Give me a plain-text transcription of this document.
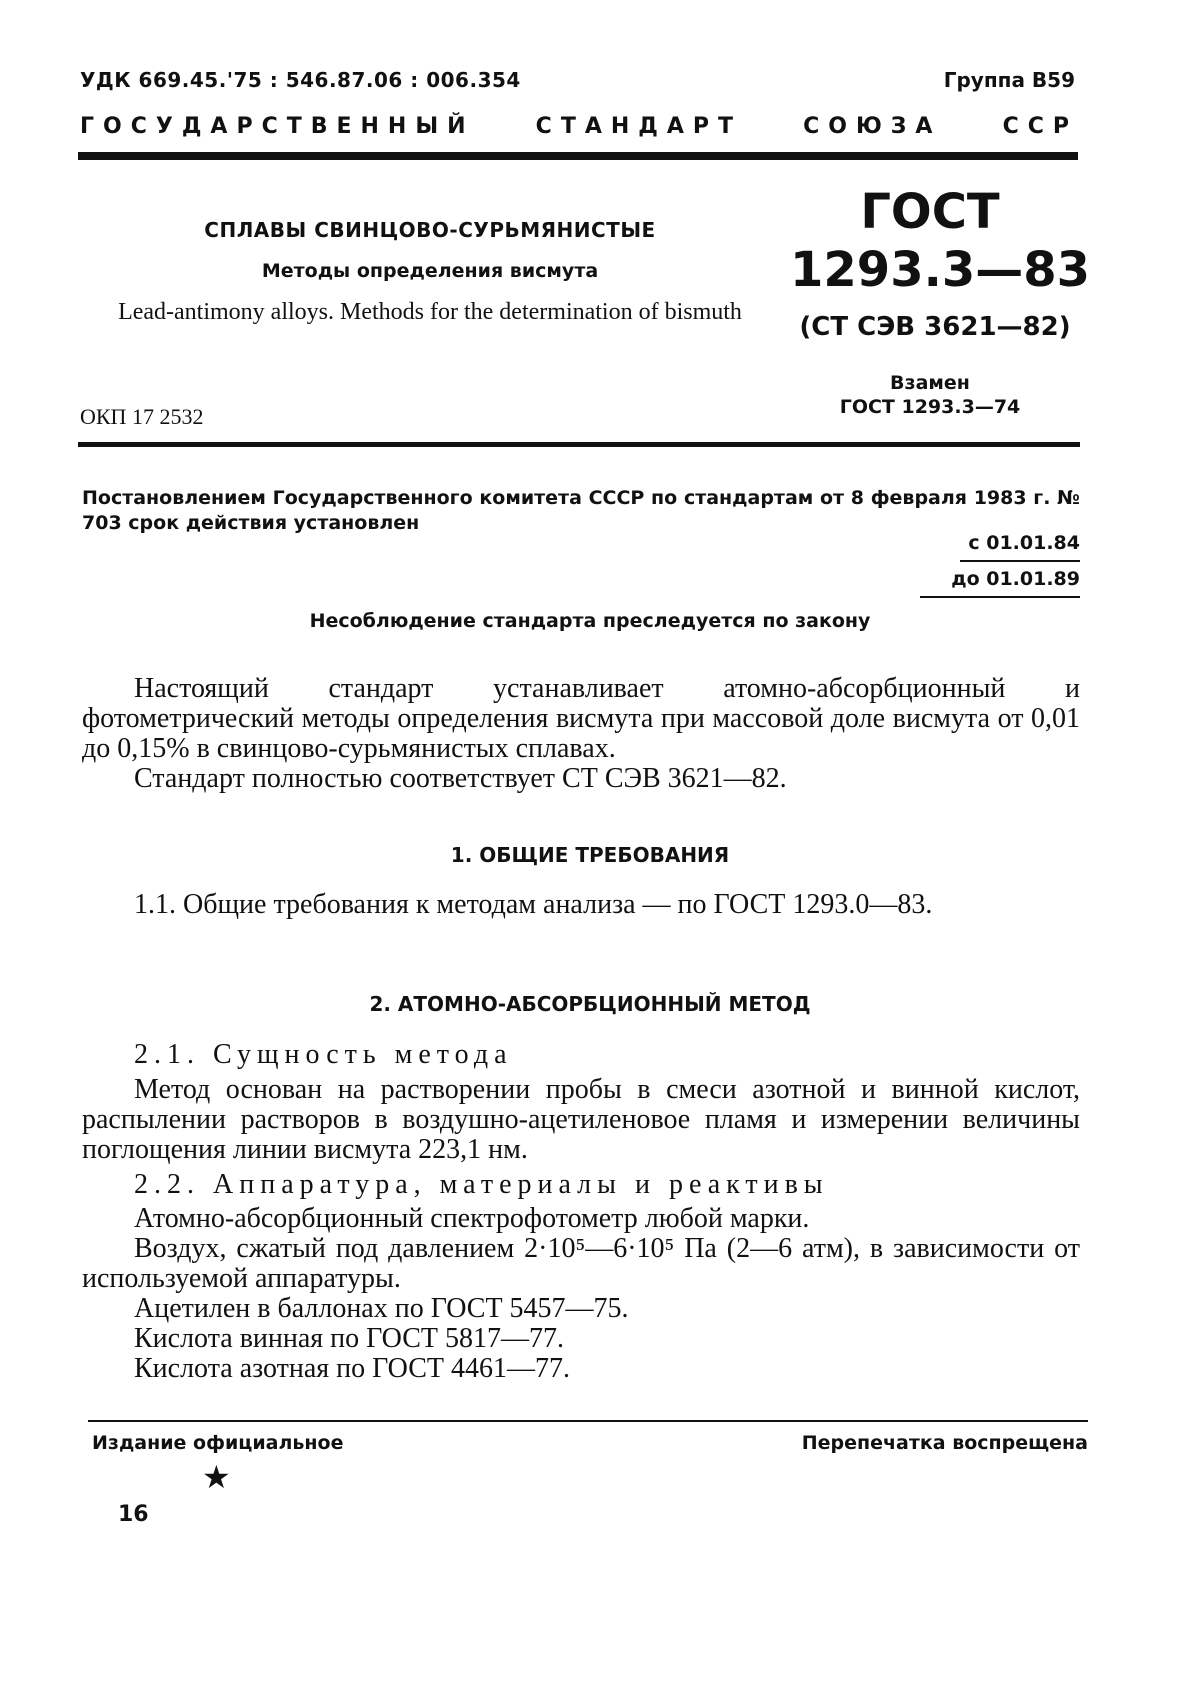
УДК 669.45.'75 : 546.87.06 : 006.354	Группа В59
ГОСУДАРСТВЕННЫЙ	СТАНДАРТ	СОЮЗА	ССР
СПЛАВЫ СВИНЦОВО-СУРЬМЯНИСТЫЕ
Методы определения висмута
Lead-antimony alloys. Methods for the determination of bismuth
ГОСТ
1293.3—83
(СТ СЭВ 3621—82)
Взамен
ГОСТ 1293.3—74
ОКП 17 2532
Постановлением Государственного комитета СССР по стандартам от 8 февраля 1983 г. № 703 срок действия установлен
с 01.01.84
до 01.01.89
Несоблюдение стандарта преследуется по закону
Настоящий стандарт устанавливает атомно-абсорбционный и фотометрический методы определения висмута при массовой доле висмута от 0,01 до 0,15% в свинцово-сурьмянистых сплавах.
Стандарт полностью соответствует СТ СЭВ 3621—82.
1. ОБЩИЕ ТРЕБОВАНИЯ
1.1. Общие требования к методам анализа — по ГОСТ 1293.0—83.
2. АТОМНО-АБСОРБЦИОННЫЙ МЕТОД
2.1. Сущность метода
Метод основан на растворении пробы в смеси азотной и винной кислот, распылении растворов в воздушно-ацетиленовое пламя и измерении величины поглощения линии висмута 223,1 нм.
2.2. Аппаратура, материалы и реактивы
Атомно-абсорбционный спектрофотометр любой марки.
Воздух, сжатый под давлением 2·10⁵—6·10⁵ Па (2—6 атм), в зависимости от используемой аппаратуры.
Ацетилен в баллонах по ГОСТ 5457—75.
Кислота винная по ГОСТ 5817—77.
Кислота азотная по ГОСТ 4461—77.
Издание официальное	Перепечатка воспрещена
★
16
